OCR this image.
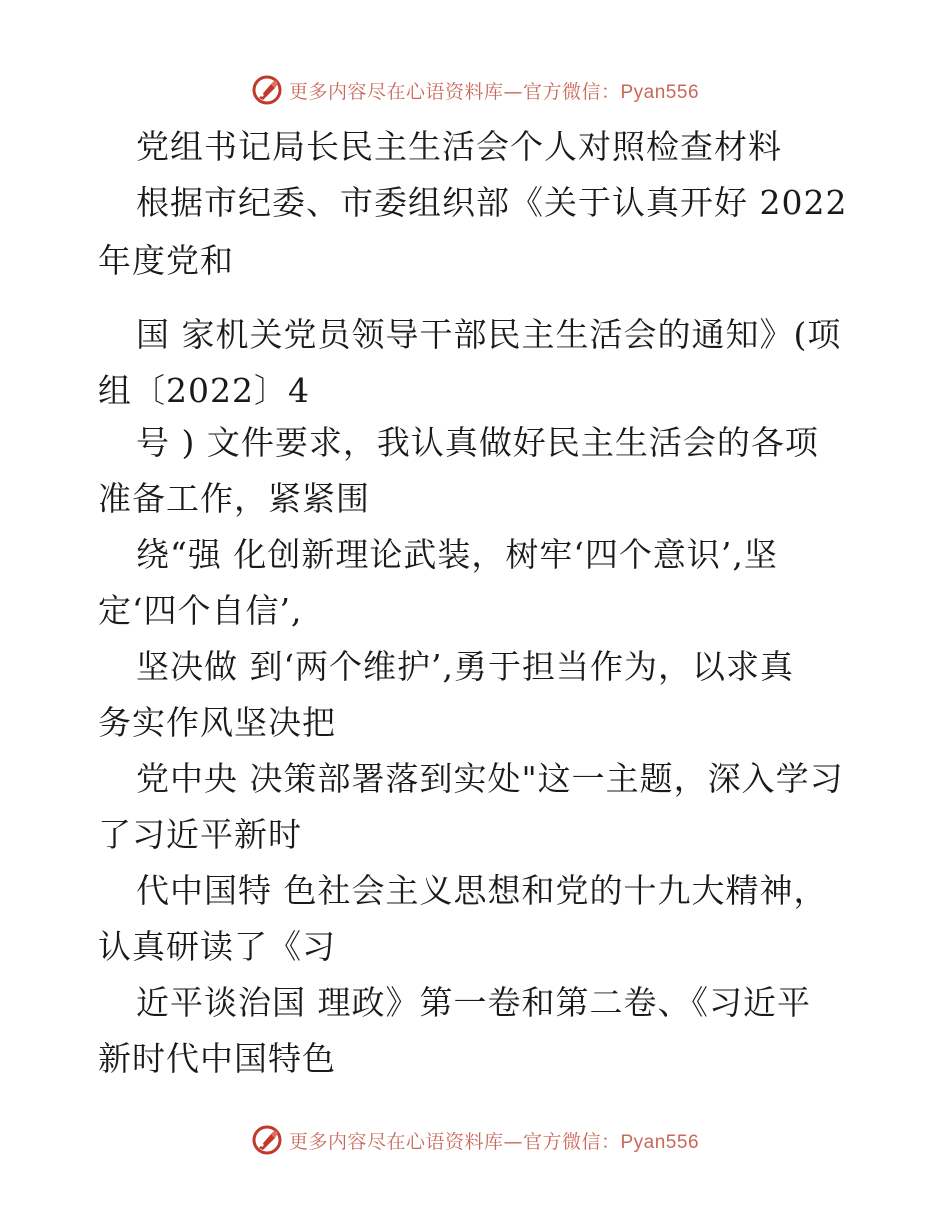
更多内容尽在心语资料库—官方微信：Pyan556
党组书记局长民主生活会个人对照检查材料
根据市纪委、市委组织部《关于认真开好 2022
年度党和
国 家机关党员领导干部民主生活会的通知》(项
组〔2022〕4
号 ) 文件要求，我认真做好民主生活会的各项
准备工作，紧紧围
绕“强 化创新理论武装，树牢‘四个意识’,坚
定‘四个自信’,
坚决做 到‘两个维护’,勇于担当作为，以求真
务实作风坚决把
党中央 决策部署落到实处"这一主题，深入学习
了习近平新时
代中国特 色社会主义思想和党的十九大精神，
认真研读了《习
近平谈治国 理政》第一卷和第二卷、《习近平
新时代中国特色
更多内容尽在心语资料库—官方微信：Pyan556
